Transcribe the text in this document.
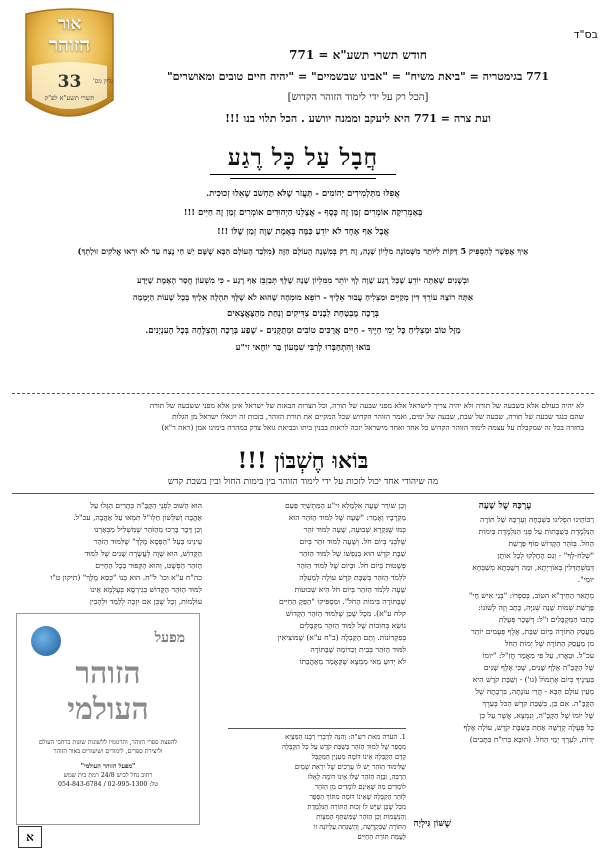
בס"ד
אור
הזוהר
33	גליון מס'
תשרי תשע"א לפ"ק
חודש תשרי תשע"א = 771
771 בגימטריה = "ביאת משיח" = "אבינו שבשמיים" = "יהיה חיים טובים ומאושרים"
[הכל רק על ידי לימוד הזוהר הקדוש]
ועת צרה = 771 היא ליעקב וממנה יוושע . הכל תלוי בנו !!!
חֲבָל עַל כָּל רֶגַע

אֲפִלּוּ מִתַּלְמִידִים יְהוֹמִים - תַּעֲזֹר שֶׁלֹּא תַחְשֹׁב שֶׁאֵלוּ זְכוּכִית.

בְּאַמֵרִיקָה אוֹמְרִים זְמַן זֶה כֶּסֶף - אֲצָלֵנוּ הַיְהוּדִים אוֹמְרִים זְמַן זֶה חַיִּים !!!

אֲבָל אַף אֶחָד לֹא יוֹדֵעַ כַּמָּה בְּאֶמֶת שָׁוֶה זְמַן שֶׁלּוֹ !!!

אֵיךְ אֶפְשָׁר לְהַסְפִּיק 5 דַּקּוֹת לִיּוֹתֵר מִשְּׁמוֹנֶה מִלְיוֹן שָׁנָה, זֶה רַק בְּמִשְׁנָה הָעוֹלָם הַזֶּה (מִלִּבַד הָעוֹלָם הַבָּא שֶׁשָּׁם יֵשׁ חַי נֶצַח עַד לֹא יִרְאוּ אֱלֹקִים זוּלָתְךָ)

וּבְשָׁנִים שֶׁאַתָּה יוֹדֵעַ שֶׁכָּל רֶגַע שָׁוֶה לְךָ יוֹתֵר מִמִּלְיוֹן שָׁנָה שֶׁלְּךָ תְּבַזְבֵּז אַף רֶגַע - כִּי מִשְׁעוֹן חֲסַר הָאֶמֶת שֶׁיָּדַע

אַתָּה רוֹצֶה עוֹרֵךְ דִּין מְקַיֵּים וּמַצְלִיחַ עֲבוּר אֵלֶיךָ - רוֹפֵא מוּמְחֶה שֶׁהוּא לֹא שֶׁלְּךָ תִּהְלָה אֵלֶיךָ בְּכָל שָׁעוֹת הַיְּמָמָה

בְּרָכָה מֻבְטַחַת לְבָנִים צַדִּיקִים וְנַחַת מִהַצֶּאֱצָאִים

מַזָּל טוֹב וּמַצְלִיחַ כָּל יְמֵי חַיֶּיךָ - חַיִּים אֲרֻכִּים טוֹבִים וּמְתֻקָּנִים - שֶׁפַע בְּרָכָה וְהַצְלָחָה בְּכָל הָעִנְיָנִים.

בּוֹאוּ וְהִתְחַבְּרוּ לְרַבִּי שִׁמְעוֹן בַּר יוֹחָאי זי"ע

לא יהיה בעולם אלא בשבעה של תורה ולא יהיה צריך לישראל אלא מפני שבעה של תורה, וכל הצרות הבאות של ישראל אינן אלא מפני ששבעה של תורה
שהם כנגד שבעה של תורה, שבעה של שבת, שבעה של ימים, ואמר הזוהר הקדוש שכל המקיים את תורת הזוהר, בזכות זה ייגאלו ישראל מן הגלות
בחזרה בכל זה שמקבלת על עצמה לימוד הזוהר הקדוש כל אחד ואחד מישראל יזכה לראות בבנין ביתו ובביאת גואל צדק במהרה בימינו אמן (ראה ר"א)
בּוֹאוּ חֶשְׁבּוֹן !!!
מה שיהודי אחד יכול לזכות על ידי לימוד הזוהר בין בימות החול ובין בשבת קדש
עֶרְכָּהּ שֶׁל שָׁעָה
רַבּוֹתֵינוּ הִפְלִיגוּ בִּשְׁבָחָהּ וְעֶרְכָּהּ שֶׁל תּוֹרָה
הַנִּלְמֶדֶת בְּשַׁבָּתוֹת עַל פְּנֵי הַנִּלְמֶדֶת בִּימוֹת
הַחֹל. בְּזֹהַר הַקָּדוֹשׁ סוֹף פָּרָשַׁת
"שְׁלַח-לְךָ" - וְגַם הֶחָלְקוּ לְכָל אוֹתָן
דְּמַשְׁתַּדְּלִין בְּאוֹרַיְתָא, וּמַה דְּשַׁבְּתָא מְשַׁבְּחָא
יוֹמֵי".
מְתָאֵר הַחִידָ"א הטּוֹב, בְּסִפְרוֹ: "בְּנֵי אִישׁ חַי"
פָּרָשַׁת שְׁמוֹת שָׁנָה שְׁנִיָּה, כָּתַב וְזֶה לְשׁוֹנוֹ:
כָּתְבוּ הַמְּקֻבָּלִים ז"ל: דְּשָׁכָר פְּעֻלַּת
מֵעֲסַק הַתּוֹרָה בְּיוֹם שַׁבָּת, אֶלֶף פְּעָמִים יוֹתֵר
מִן מֵעֲסַק הַתּוֹרָה שֶׁל יְמוֹת הַחֹל
עכ"ל. וּבֵאֲרוּ, עַל פִּי מַאֲמַר חֲזַ"ל: "יוֹמוֹ
שֶׁל הַקָּבָּ"ה אֶלֶף שָׁנִים, שֶׁכִּי אֶלֶף שָׁנִים
בְּעֵינֶיךָ כְּיוֹם אֶתְמוֹל (גו') - וְשַׁבָּת קֹדֶשׁ הִיא
מֵעֵין עוֹלָם הַבָּא - הֲרֵי עוֹנָתָה, בִּרְכָתָהּ שֶׁל
הַקָּבָּ"ה. אִם כֵּן, בְּשַׁבַּת קֹדֶשׁ הַכֹּל בְּעֵרֶךְ
שֶׁל יוֹמוֹ שֶׁל הַקָּבָּ"ה, וְנִמְצָא, אֲשֶׁר עַל כֵּן
כָּל פְּעֻלָּה קְדֻשָּׁה אַחַת בְּשַׁבָּת קֹדֶשׁ, עוֹלָה אֶלֶף
יְדוֹת, לְעֵרֶךְ יְמֵי הַחֹל. (הוּבָא בְּרוּ"ח בִּתָּבִים)
וְכֵן שׁוֹרֵר שָׁעָה אִלְמָלֵא זי"ע הַמַּתְשְׁיַד פַּעַם
מַקְרָבָיו וְאָמַר: "שָׁעָה שֶׁל לִמּוּד הַזֹּהַר הוּא
כְּמוֹ שֶׁנִּקְרָא שְׁבוּעָה, שָׁעָה לִמּוּד זֹהַר
שֶׁלִּבְנִי בְּיוֹם חֹל. וְשָׁעָה לִמּוּד זֹהַר בְּיוֹם
שַׁבָּת קֹדֶשׁ הוּא בְּנַפְשׁוֹ שֶׁל לִמּוּד הַזֹּהַר
פְּשָׁטוּת בְּיוֹם חֹל. וּבְיוֹם שֶׁל לִמּוּד הַזֹּהַר
לִלְמֹד הַזֹּהַר בְּשַׁבָּת קֹדֶשׁ עוֹלֶה לְמַעְלָה
שָׁעָה לִלְמֹד הַזֹּהַר בְּיוֹם חֹל הִיא שְׁבוּעוֹת
שֶׁבַּתּוֹרָה בִּימוֹת הַחֹל". וּמַסְפִּיקוֹ "הַפֵּקָ הַחַיִּים
קלח ע"א). מִכָּל שֶׁכֵּן שֶׁלִּמּוּד הַזֹּהַר הַקָּדוֹשׁ
נוֹשֵׂא בְּחוֹבוֹת שֶׁל לִמּוּד הַזֹּהַר מִקְּבָּלִים
בְּפִקְדוֹנוֹת. וְתַם הַקַּבְלָה (ב"ח ע"א) שֶׁמּוֹצִיאִין
לִמּוּד הַזֹּהַר בְּבֵית וְכַדּוֹמֶה שֶׁבַּתּוֹרָה
לֹא יְדוּעַ מַאי מֵמְצָא שֶׁקַּאֲמַר מֵאַהֲבַתוֹ
1. הערה מאת רש"ה: וְהִנֵּה לִדְבָרֵי רַבֵּנוּ הַמַּצְיָא
מִסְפַּר שֶׁל לִמּוּד הַזֹּהַר בְּשַׁבָּת קֹדֶשׁ עַל כָּל הַקַּבָּלָה
קֵדָם הַקַּבָּלָה אֵינוֹ דּוֹמֶה מֵעִנְיַן הַמְקֻבָּל
שֶׁלִּימוּד הַזֹּהַר יֵשׁ לוֹ עֲרָכִים שֶׁל יִרְאַת שָׁמַיִם
הַרְבֵּה, וּבְזֶה הַזֹּהַר שֶׁלּוֹ אֵינוֹ דּוֹמֶה לְאֵלּוּ
לוֹמְדִים מַה שֶּׁאֵינָם לוֹמְדִים מִן הַזֹּהַר
לְזֹהַר הַקַּבָּלָה שֶׁאֵינוֹ דּוֹמֶה מִתּוֹךְ הַסֵּפֶר
מִכָּל שֶׁכֵּן שֶׁיֵּשׁ לוֹ זְכוּת הַתּוֹרָה הַנִּלְמֶדֶת
וְהַנְּשָׁמוֹת וְכֵן הַזֹּהַר שֶׁמְּשַׁתַּף הַמִּצְוֹת
הַתּוֹרָה שֶׁבִּקְדֻשָּׁה, וְהַשְׁגָּחָה עֶלְיוֹנָה זוֹ
לְעֻמַּת תּוֹרַת הַחַיִּים
הוּא הַשּׁוּב לִפְנֵי הַקָּבָּ"ה כְּתָרִים הַגְּלוּ עַל
אַהֲבָה וְשִׁלְשׁוֹן חַלְו"ל תִּמְאוּ עַל אַהֲבָה, עכ"ל.
וְכֵן דָּבָר בָּרְכוּ מֵהַזֹּהַר שֶׁמִּשְׁלִיל מִבְּאַרְנוּ
עֵינֵינוּ בַּעַל "הַפְּסָא מֶלֶךְ" שֶׁלִּמּוּד הַזֹּהַר
הַקָּדוֹשׁ, הוּא שָׁוֶה לְעֲשָׂרָה שָׁנִים שֶׁל לִמּוּד
הַזֹּהַר הַפְּשָׁט, וְהוּא הַקְּפּוּר בְּכָל הַחַיִּים
כה"ח ע"א וכו' ל"ח. הוּא בְּנוֹ "כְּסֵא מֶלֶךְ" (תיקון ט"ו
לִמּוּד הַזֹּהַר הַקָּדוֹשׁ בְּגִירְסָא בְּעָלְמָא אֵינוֹ
עוֹלָמוֹת, וְכָל שֶׁכֵּן אִם יִזְכֶּה לְלַמֵּד וּלְהָבִין
מפעל
הזוהר
העולמי
להפצת ספרי הזוהר, ותרגומיו ללשונות שונות ברחבי העולם
וליצירת ספרים, לימודים ושיעורים באור הזוהר
"מפעל הזוהר העולמי"
רחוב נחל לכיש 24/8 רמת בית שמש
טל: 02-995-1300 / 054-843-6784
שֶׁשּׁוֹן גִּילְיָה
א
